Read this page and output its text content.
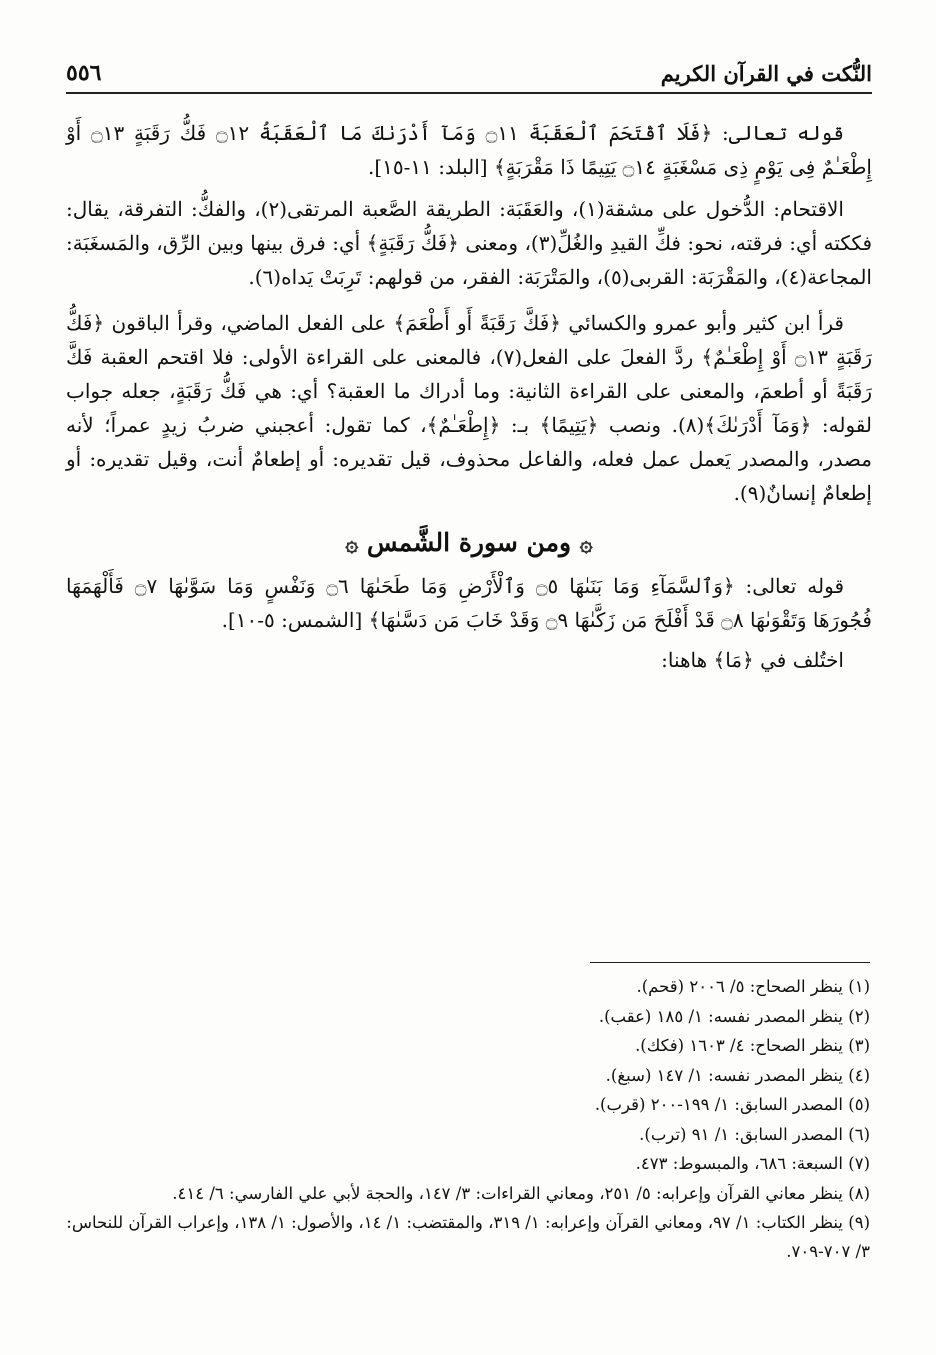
النُّكت في القرآن الكريم
٥٥٦

قوله تعالى: ﴿فَلَا ٱقْتَحَمَ ٱلْعَقَبَةَ ۝١١ وَمَآ أَدْرَىٰكَ مَا ٱلْعَقَبَةُ ۝١٢ فَكُّ رَقَبَةٍ ۝١٣ أَوْ إِطْعَـٰمٌ فِى يَوْمٍ ذِى مَسْغَبَةٍ ۝١٤ يَتِيمًا ذَا مَقْرَبَةٍ﴾ [البلد: ١١-١٥].

الاقتحام: الدُّخول على مشقة(١)، والعَقَبَة: الطريقة الصَّعبة المرتقى(٢)، والفكُّ: التفرقة، يقال: فككته أي: فرقته، نحو: فكِّ القيدِ والغُلِّ(٣)، ومعنى ﴿فَكُّ رَقَبَةٍ﴾ أي: فرق بينها وبين الرِّق، والمَسغَبَة: المجاعة(٤)، والمَقْرَبَة: القربى(٥)، والمَتْرَبَة: الفقر، من قولهم: تَرِبَتْ يَداه(٦).

قرأ ابن كثير وأبو عمرو والكسائي ﴿فَكَّ رَقَبَةً أَو أَطْعَمَ﴾ على الفعل الماضي، وقرأ الباقون ﴿فَكُّ رَقَبَةٍ ۝١٣ أَوْ إِطْعَـٰمٌ﴾ ردَّ الفعلَ على الفعل(٧)، فالمعنى على القراءة الأولى: فلا اقتحم العقبة فَكَّ رَقَبَةً أو أطعمَ، والمعنى على القراءة الثانية: وما أدراك ما العقبة؟ أي: هي فَكُّ رَقَبَةٍ، جعله جواب لقوله: ﴿وَمَآ أَدْرَىٰكَ﴾(٨). ونصب ﴿يَتِيمًا﴾ بـ: ﴿إِطْعَـٰمٌ﴾، كما تقول: أعجبني ضربُ زيدٍ عمراً؛ لأنه مصدر، والمصدر يَعمل عمل فعله، والفاعل محذوف، قيل تقديره: أو إطعامٌ أنت، وقيل تقديره: أو إطعامٌ إنسانٌ(٩).

۞ ومن سورة الشَّمس ۞

قوله تعالى: ﴿وَٱلسَّمَآءِ وَمَا بَنَىٰهَا ۝٥ وَٱلْأَرْضِ وَمَا طَحَىٰهَا ۝٦ وَنَفْسٍ وَمَا سَوَّىٰهَا ۝٧ فَأَلْهَمَهَا فُجُورَهَا وَتَقْوَىٰهَا ۝٨ قَدْ أَفْلَحَ مَن زَكَّىٰهَا ۝٩ وَقَدْ خَابَ مَن دَسَّىٰهَا﴾ [الشمس: ٥-١٠].

اختُلف في ﴿مَا﴾ هاهنا:

(١) ينظر الصحاح: ٥/ ٢٠٠٦ (قحم).
(٢) ينظر المصدر نفسه: ١/ ١٨٥ (عقب).
(٣) ينظر الصحاح: ٤/ ١٦٠٣ (فكك).
(٤) ينظر المصدر نفسه: ١/ ١٤٧ (سبغ).
(٥) المصدر السابق: ١/ ١٩٩-٢٠٠ (قرب).
(٦) المصدر السابق: ١/ ٩١ (ترب).
(٧) السبعة: ٦٨٦، والمبسوط: ٤٧٣.
(٨) ينظر معاني القرآن وإعرابه: ٥/ ٢٥١، ومعاني القراءات: ٣/ ١٤٧، والحجة لأبي علي الفارسي: ٦/ ٤١٤.
(٩) ينظر الكتاب: ١/ ٩٧، ومعاني القرآن وإعرابه: ١/ ٣١٩، والمقتضب: ١/ ١٤، والأصول: ١/ ١٣٨، وإعراب القرآن للنحاس: ٣/ ٧٠٧-٧٠٩.
